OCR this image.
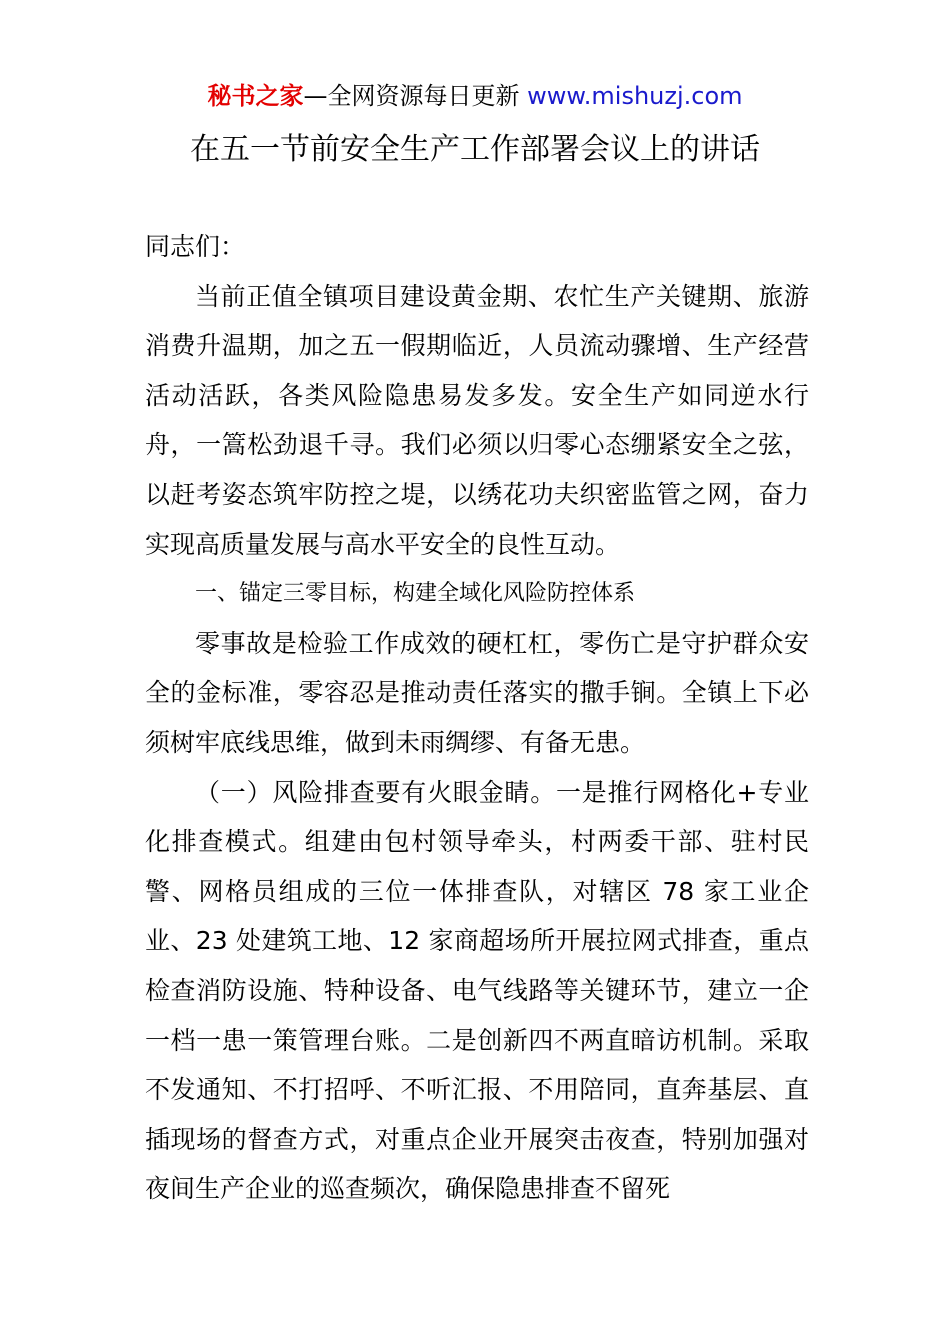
秘书之家—全网资源每日更新 www.mishuzj.com
在五一节前安全生产工作部署会议上的讲话

同志们：

当前正值全镇项目建设黄金期、农忙生产关键期、旅游消费升温期，加之五一假期临近，人员流动骤增、生产经营活动活跃，各类风险隐患易发多发。安全生产如同逆水行舟，一篙松劲退千寻。我们必须以归零心态绷紧安全之弦，以赶考姿态筑牢防控之堤，以绣花功夫织密监管之网，奋力实现高质量发展与高水平安全的良性互动。

一、锚定三零目标，构建全域化风险防控体系

零事故是检验工作成效的硬杠杠，零伤亡是守护群众安全的金标准，零容忍是推动责任落实的撒手锏。全镇上下必须树牢底线思维，做到未雨绸缪、有备无患。

（一）风险排查要有火眼金睛。一是推行网格化+专业化排查模式。组建由包村领导牵头，村两委干部、驻村民警、网格员组成的三位一体排查队，对辖区 78 家工业企业、23 处建筑工地、12 家商超场所开展拉网式排查，重点检查消防设施、特种设备、电气线路等关键环节，建立一企一档一患一策管理台账。二是创新四不两直暗访机制。采取不发通知、不打招呼、不听汇报、不用陪同，直奔基层、直插现场的督查方式，对重点企业开展突击夜查，特别加强对夜间生产企业的巡查频次，确保隐患排查不留死
